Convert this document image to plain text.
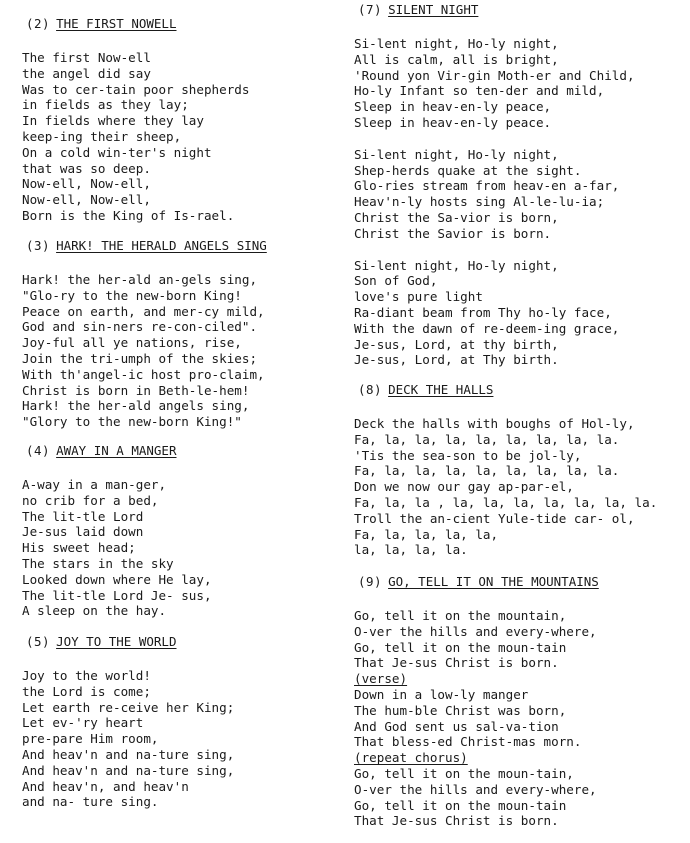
(2) THE FIRST NOWELL
The first Now-ell
the angel did say
Was to cer-tain poor shepherds
in fields as they lay;
In fields where they lay
keep-ing their sheep,
On a cold win-ter's night
that was so deep.
Now-ell, Now-ell,
Now-ell, Now-ell,
Born is the King of Is-rael.
(3) HARK! THE HERALD ANGELS SING
Hark! the her-ald an-gels sing,
"Glo-ry to the new-born King!
Peace on earth, and mer-cy mild,
God and sin-ners re-con-ciled".
Joy-ful all ye nations, rise,
Join the tri-umph of the skies;
With th'angel-ic host pro-claim,
Christ is born in Beth-le-hem!
Hark! the her-ald angels sing,
"Glory to the new-born King!"
(4) AWAY IN A MANGER
A-way in a man-ger,
no crib for a bed,
The lit-tle Lord
Je-sus laid down
His sweet head;
The stars in the sky
Looked down where He lay,
The lit-tle Lord Je- sus,
A sleep on the hay.
(5) JOY TO THE WORLD
Joy to the world!
the Lord is come;
Let earth re-ceive her King;
Let ev-'ry heart
pre-pare Him room,
And heav'n and na-ture sing,
And heav'n and na-ture sing,
And heav'n, and heav'n
and na- ture sing.
(7) SILENT NIGHT
Si-lent night, Ho-ly night,
All is calm, all is bright,
'Round yon Vir-gin Moth-er and Child,
Ho-ly Infant so ten-der and mild,
Sleep in heav-en-ly peace,
Sleep in heav-en-ly peace.
Si-lent night, Ho-ly night,
Shep-herds quake at the sight.
Glo-ries stream from heav-en a-far,
Heav'n-ly hosts sing Al-le-lu-ia;
Christ the Sa-vior is born,
Christ the Savior is born.
Si-lent night, Ho-ly night,
Son of God,
love's pure light
Ra-diant beam from Thy ho-ly face,
With the dawn of re-deem-ing grace,
Je-sus, Lord, at thy birth,
Je-sus, Lord, at Thy birth.
(8) DECK THE HALLS
Deck the halls with boughs of Hol-ly,
Fa, la, la, la, la, la, la, la, la.
'Tis the sea-son to be jol-ly,
Fa, la, la, la, la, la, la, la, la.
Don we now our gay ap-par-el,
Fa, la, la , la, la, la, la, la, la, la.
Troll the an-cient Yule-tide car- ol,
Fa, la, la, la, la,
la, la, la, la.
(9) GO, TELL IT ON THE MOUNTAINS
Go, tell it on the mountain,
O-ver the hills and every-where,
Go, tell it on the moun-tain
That Je-sus Christ is born.
(verse)
Down in a low-ly manger
The hum-ble Christ was born,
And God sent us sal-va-tion
That bless-ed Christ-mas morn.
(repeat chorus)
Go, tell it on the moun-tain,
O-ver the hills and every-where,
Go, tell it on the moun-tain
That Je-sus Christ is born.
